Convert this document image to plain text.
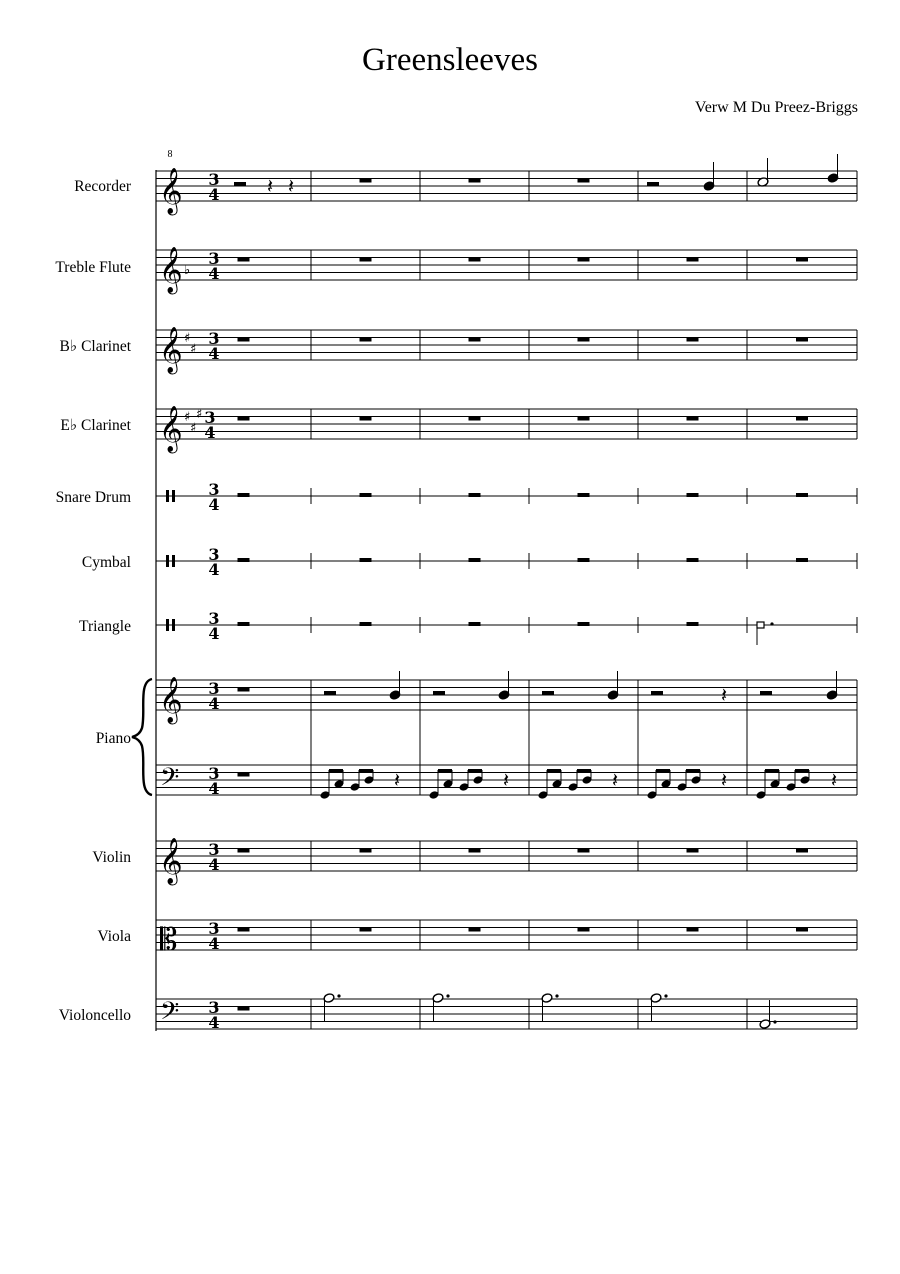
Greensleeves
Verw M Du Preez-Briggs
Recorder
Treble Flute
B♭ Clarinet
E♭ Clarinet
Snare Drum
Cymbal
Triangle
Piano
Violin
Viola
Violoncello
8
𝄞 3
4
𝄞 ♭
3
4
𝄞 ♯
♯
3
4
𝄞 ♯
♯
♯ 3
4
3
4
3
4
3
4
𝄞 3
4
𝄢 3
4
𝄞 3
4
𝄡 3
4
𝄢 3
4
𝄽 𝄽
𝄽
𝄽	𝄽	𝄽	𝄽	𝄽
